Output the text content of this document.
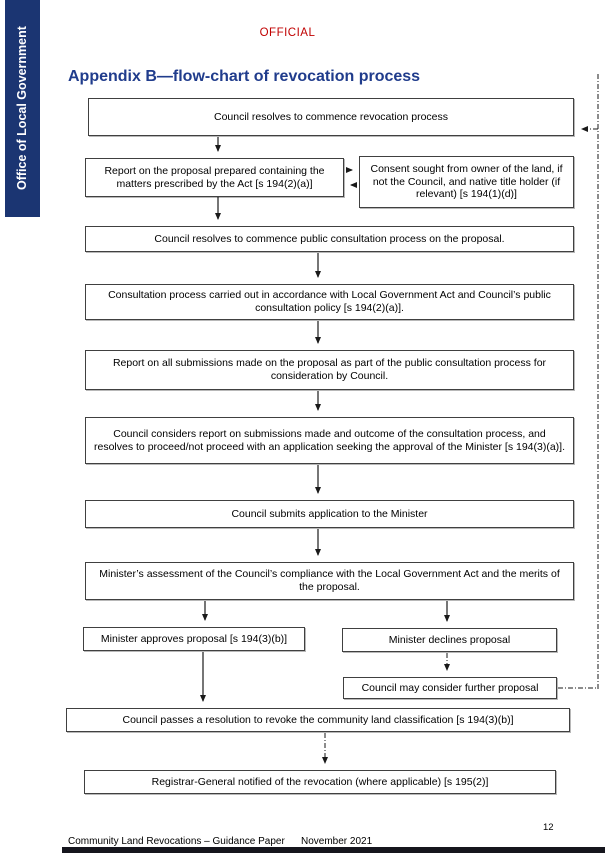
Office of Local Government	OFFICIAL
Appendix B—flow-chart of revocation process
Council resolves to commence revocation process
Report on the proposal prepared containing the matters prescribed by the Act [s 194(2)(a)]
Consent sought from owner of the land, if not the Council, and native title holder (if relevant) [s 194(1)(d)]
Council resolves to commence public consultation process on the proposal.
Consultation process carried out in accordance with Local Government Act and Council’s public consultation policy [s 194(2)(a)].
Report on all submissions made on the proposal as part of the public consultation process for consideration by Council.
Council considers report on submissions made and outcome of the consultation process, and resolves to proceed/not proceed with an application seeking the approval of the Minister [s 194(3)(a)].
Council submits application to the Minister
Minister’s assessment of the Council’s compliance with the Local Government Act and the merits of the proposal.
Minister approves proposal [s 194(3)(b)]	Minister declines proposal
Council may consider further proposal
Council passes a resolution to revoke the community land classification [s 194(3)(b)]
Registrar-General notified of the revocation (where applicable) [s 195(2)]
Community Land Revocations – Guidance Paper November 2021
12
